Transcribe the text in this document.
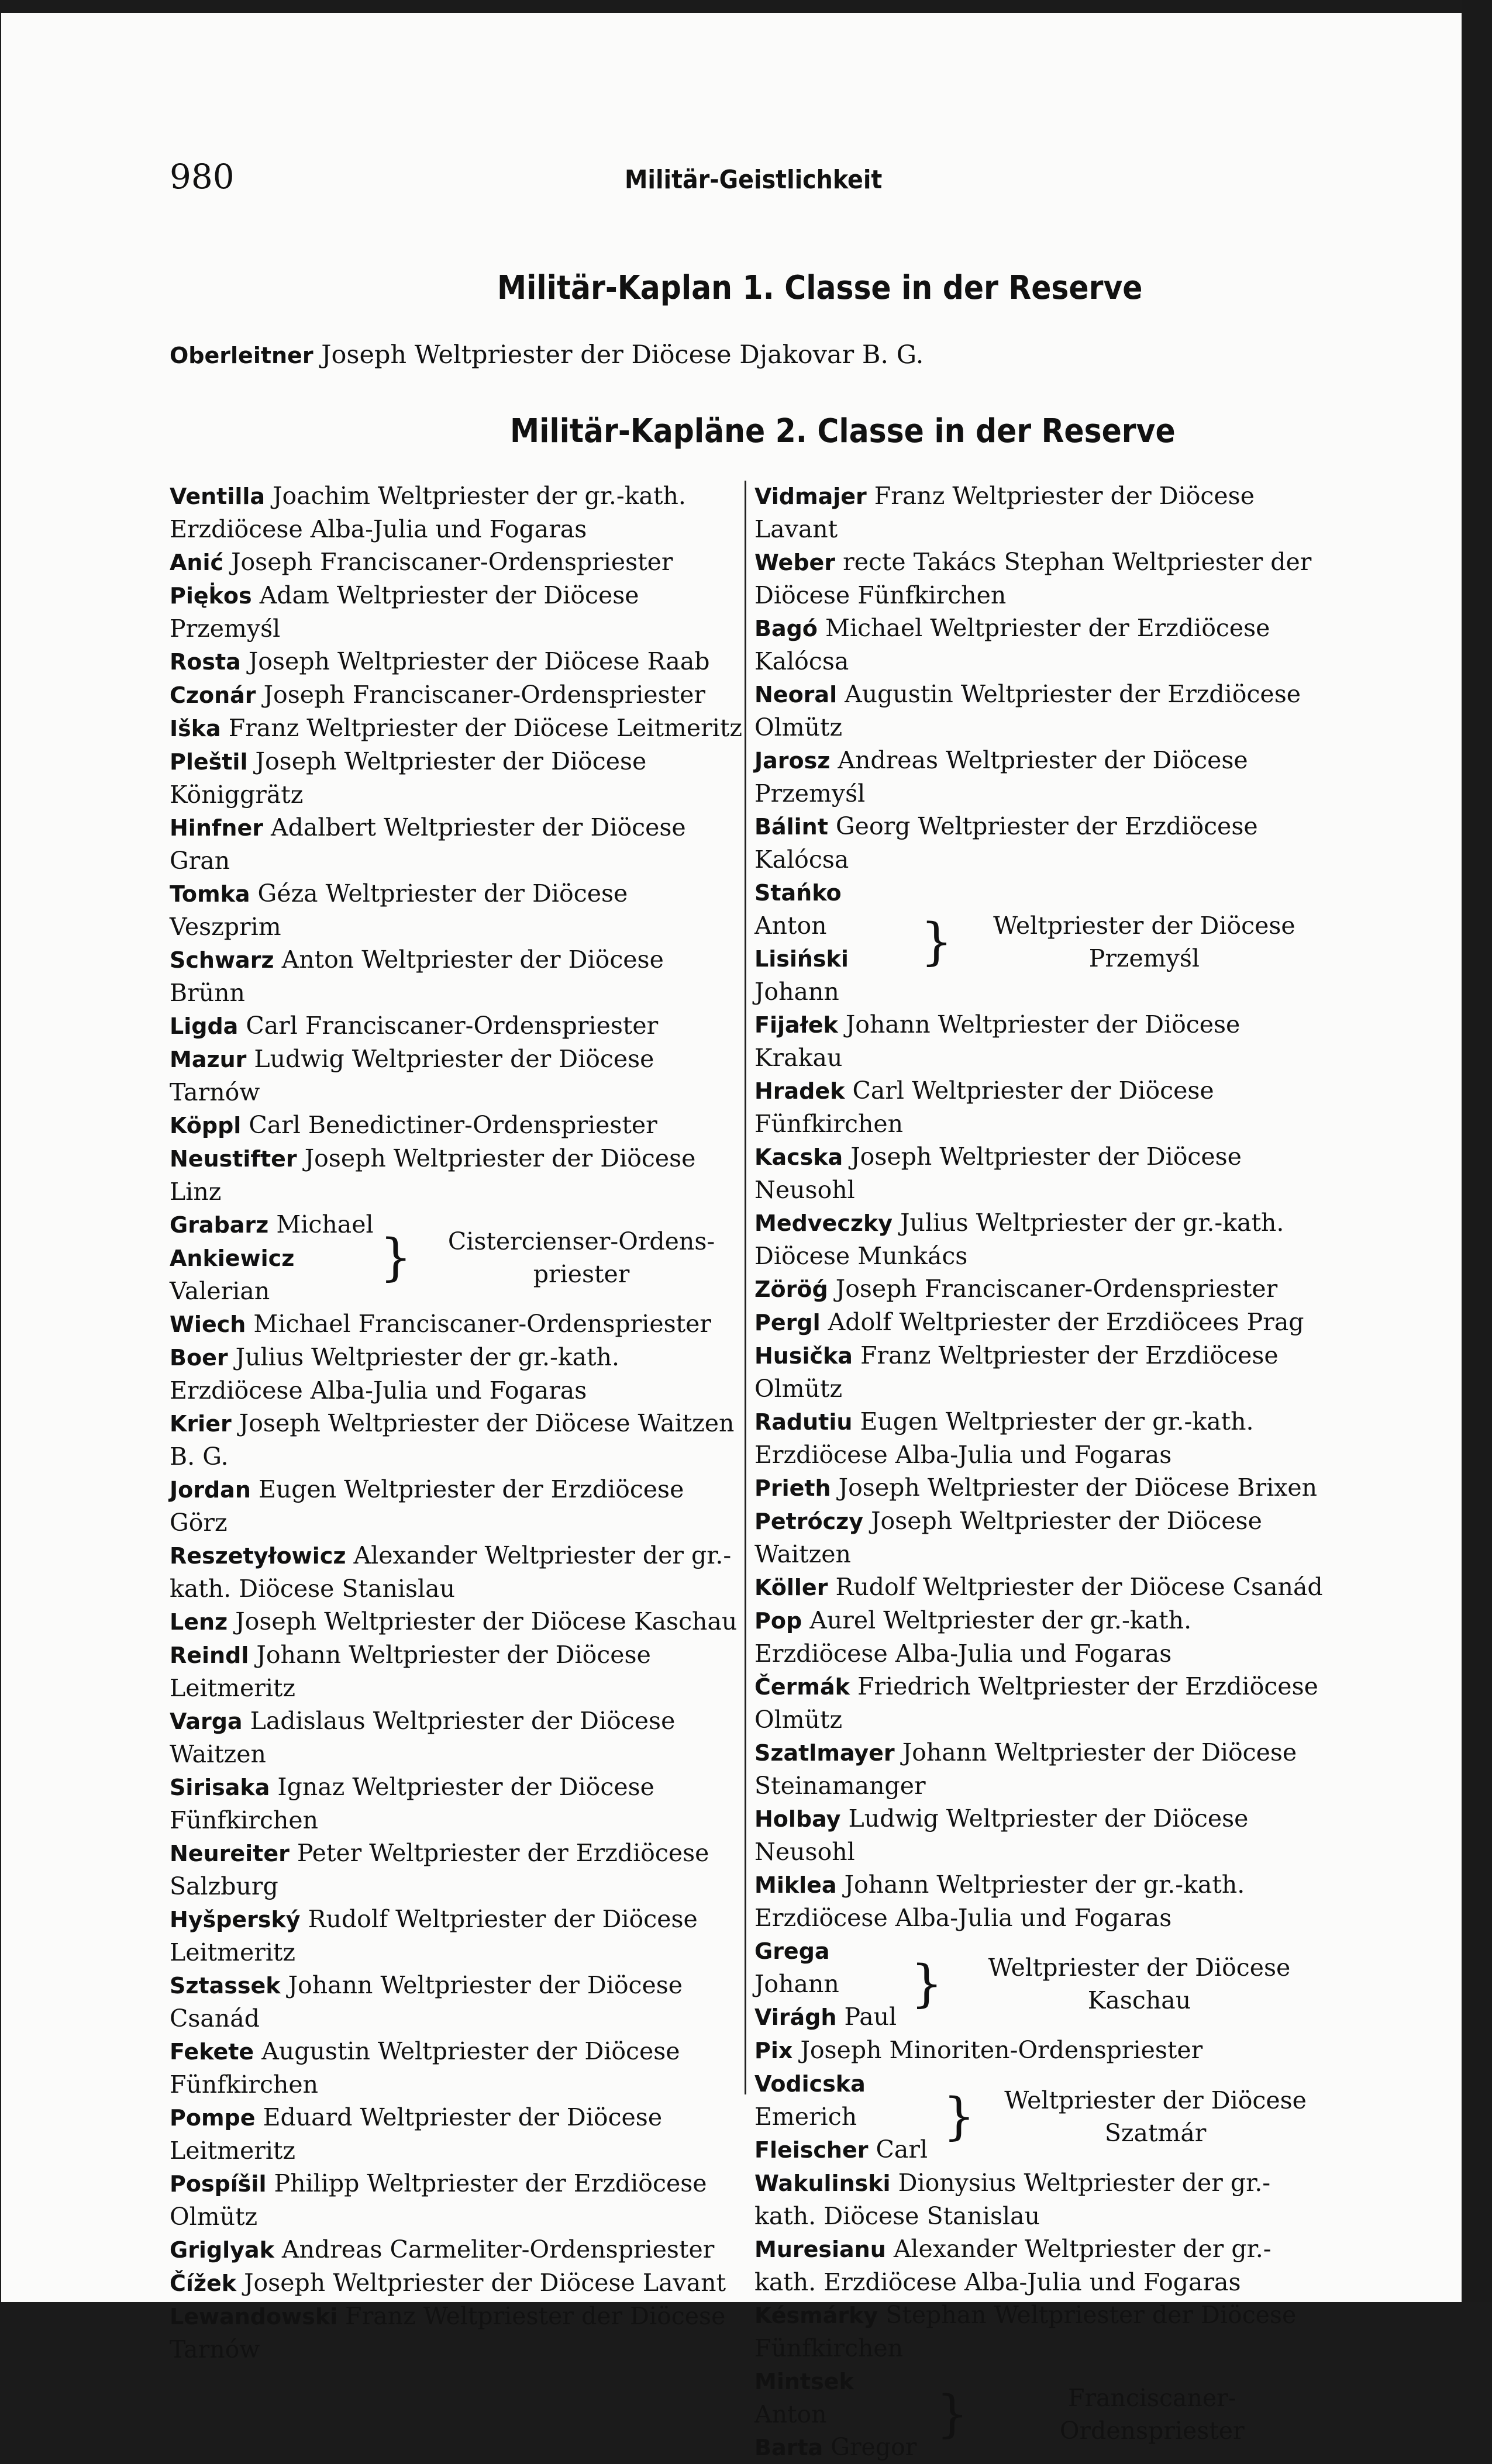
980	Militär-Geistlichkeit
Militär-Kaplan 1. Classe in der Reserve
Oberleitner Joseph Weltpriester der Diöcese Djakovar B. G.
Militär-Kapläne 2. Classe in der Reserve
Ventilla Joachim Weltpriester der gr.-kath. Erzdiöcese Alba-Julia und Fogaras
Anić Joseph Franciscaner-Ordenspriester
Pięk̇os Adam Weltpriester der Diöcese Przemyśl
Rosta Joseph Weltpriester der Diöcese Raab
Czonár Joseph Franciscaner-Ordenspriester
Iška Franz Weltpriester der Diöcese Leitmeritz
Pleštil Joseph Weltpriester der Diöcese Königgrätz
Hinfner Adalbert Weltpriester der Diöcese Gran
Tomka Géza Weltpriester der Diöcese Veszprim
Schwarz Anton Weltpriester der Diöcese Brünn
Ligda Carl Franciscaner-Ordenspriester
Mazur Ludwig Weltpriester der Diöcese Tarnów
Köppl Carl Benedictiner-Ordenspriester
Neustifter Joseph Weltpriester der Diöcese Linz
Grabarz Michael
Ankiewicz Valerian
}	Cistercienser-Ordens-priester
Wiech Michael Franciscaner-Ordenspriester
Boer Julius Weltpriester der gr.-kath. Erzdiöcese Alba-Julia und Fogaras
Krier Joseph Weltpriester der Diöcese Waitzen B. G.
Jordan Eugen Weltpriester der Erzdiöcese Görz
Reszetyłowicz Alexander Weltpriester der gr.-kath. Diöcese Stanislau
Lenz Joseph Weltpriester der Diöcese Kaschau
Reindl Johann Weltpriester der Diöcese Leitmeritz
Varga Ladislaus Weltpriester der Diöcese Waitzen
Sirisaka Ignaz Weltpriester der Diöcese Fünfkirchen
Neureiter Peter Weltpriester der Erzdiöcese Salzburg
Hyšperský Rudolf Weltpriester der Diöcese Leitmeritz
Sztassek Johann Weltpriester der Diöcese Csanád
Fekete Augustin Weltpriester der Diöcese Fünfkirchen
Pompe Eduard Weltpriester der Diöcese Leitmeritz
Pospíšil Philipp Weltpriester der Erzdiöcese Olmütz
Griglyak Andreas Carmeliter-Ordenspriester
Čížek Joseph Weltpriester der Diöcese Lavant
Lewandowski Franz Weltpriester der Diöcese Tarnów
Vidmajer Franz Weltpriester der Diöcese Lavant
Weber recte Takács Stephan Weltpriester der Diöcese Fünfkirchen
Bagó Michael Weltpriester der Erzdiöcese Kalócsa
Neoral Augustin Weltpriester der Erzdiöcese Olmütz
Jarosz Andreas Weltpriester der Diöcese Przemyśl
Bálint Georg Weltpriester der Erzdiöcese Kalócsa
Stańko Anton
Lisiński Johann
}	Weltpriester der Diöcese Przemyśl
Fijałek Johann Weltpriester der Diöcese Krakau
Hradek Carl Weltpriester der Diöcese Fünfkirchen
Kacska Joseph Weltpriester der Diöcese Neusohl
Medveczky Julius Weltpriester der gr.-kath. Diöcese Munkács
Zöröǵ Joseph Franciscaner-Ordenspriester
Pergl Adolf Weltpriester der Erzdiöcees Prag
Husička Franz Weltpriester der Erzdiöcese Olmütz
Radutiu Eugen Weltpriester der gr.-kath. Erzdiöcese Alba-Julia und Fogaras
Prieth Joseph Weltpriester der Diöcese Brixen
Petróczy Joseph Weltpriester der Diöcese Waitzen
Köller Rudolf Weltpriester der Diöcese Csanád
Pop Aurel Weltpriester der gr.-kath. Erzdiöcese Alba-Julia und Fogaras
Čermák Friedrich Weltpriester der Erzdiöcese Olmütz
Szatlmayer Johann Weltpriester der Diöcese Steinamanger
Holbay Ludwig Weltpriester der Diöcese Neusohl
Miklea Johann Weltpriester der gr.-kath. Erzdiöcese Alba-Julia und Fogaras
Grega Johann
Virágh Paul
}	Weltpriester der Diöcese Kaschau
Pix Joseph Minoriten-Ordenspriester
Vodicska Emerich
Fleischer Carl
}	Weltpriester der Diöcese Szatmár
Wakulinski Dionysius Weltpriester der gr.-kath. Diöcese Stanislau
Muresianu Alexander Weltpriester der gr.-kath. Erzdiöcese Alba-Julia und Fogaras
Késmárky Stephan Weltpriester der Diöcese Fünfkirchen
Mintsek Anton
Barta Gregor
}	Franciscaner-Ordenspriester
